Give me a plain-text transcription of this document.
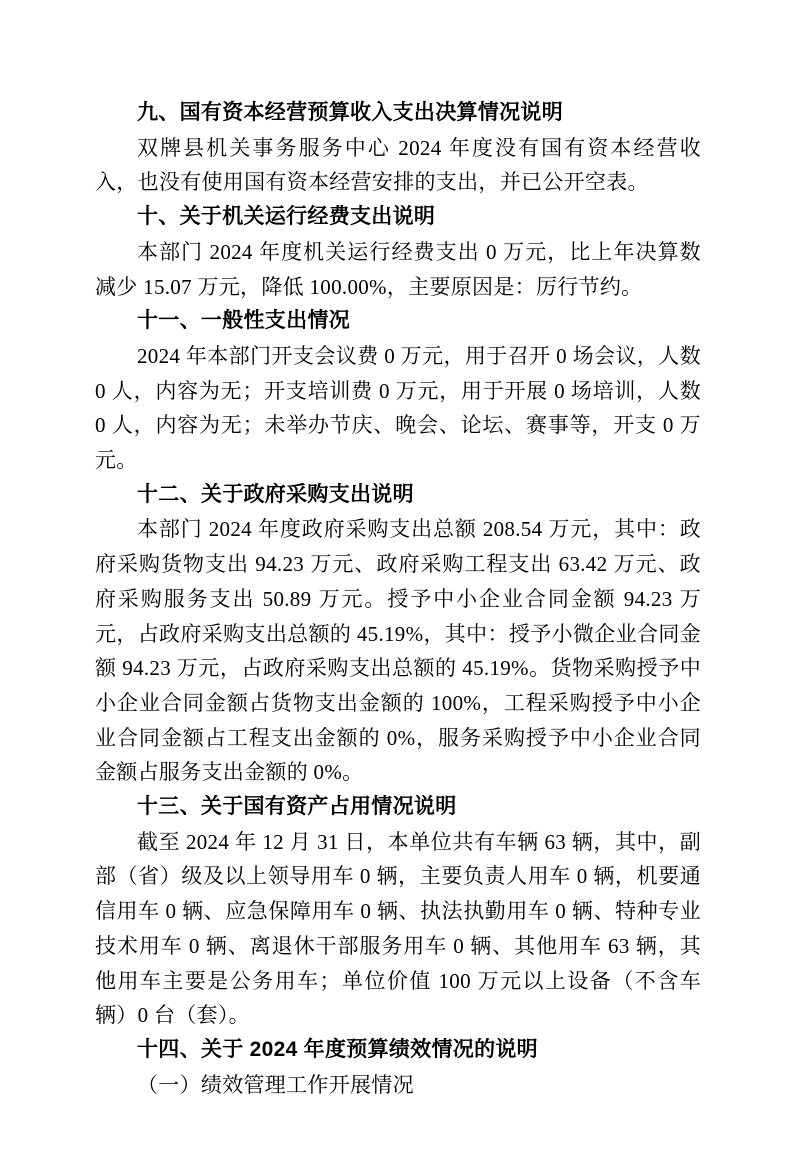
九、国有资本经营预算收入支出决算情况说明

双牌县机关事务服务中心 2024 年度没有国有资本经营收入，也没有使用国有资本经营安排的支出，并已公开空表。

十、关于机关运行经费支出说明

本部门 2024 年度机关运行经费支出 0 万元，比上年决算数减少 15.07 万元，降低 100.00%，主要原因是：厉行节约。

十一、一般性支出情况

2024 年本部门开支会议费 0 万元，用于召开 0 场会议，人数 0 人，内容为无；开支培训费 0 万元，用于开展 0 场培训，人数 0 人，内容为无；未举办节庆、晚会、论坛、赛事等，开支 0 万元。

十二、关于政府采购支出说明

本部门 2024 年度政府采购支出总额 208.54 万元，其中：政府采购货物支出 94.23 万元、政府采购工程支出 63.42 万元、政府采购服务支出 50.89 万元。授予中小企业合同金额 94.23 万元，占政府采购支出总额的 45.19%，其中：授予小微企业合同金额 94.23 万元，占政府采购支出总额的 45.19%。货物采购授予中小企业合同金额占货物支出金额的 100%，工程采购授予中小企业合同金额占工程支出金额的 0%，服务采购授予中小企业合同金额占服务支出金额的 0%。

十三、关于国有资产占用情况说明

截至 2024 年 12 月 31 日，本单位共有车辆 63 辆，其中，副部（省）级及以上领导用车 0 辆，主要负责人用车 0 辆，机要通信用车 0 辆、应急保障用车 0 辆、执法执勤用车 0 辆、特种专业技术用车 0 辆、离退休干部服务用车 0 辆、其他用车 63 辆，其他用车主要是公务用车；单位价值 100 万元以上设备（不含车辆）0 台（套）。

十四、关于 2024 年度预算绩效情况的说明

（一）绩效管理工作开展情况
